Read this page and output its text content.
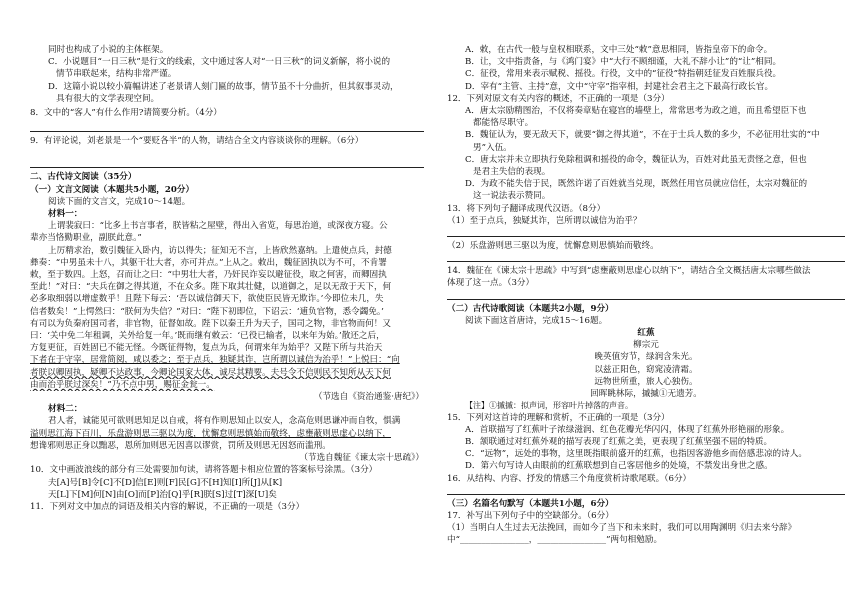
同时也构成了小说的主体框架。

C．小说题目“一日三秋”是行文的线索，文中通过客人对“一日三秋”的词义新解，将小说的

情节串联起来，结构非常严谨。

D．这篇小说以较小篇幅讲述了老景请人刻门匾的故事，情节虽不十分曲折，但其叙事灵动，

具有很大的文学表现空间。

8．文中的“客人”有什么作用?请简要分析。（4分）

9．有评论说，刘老景是一个“要贬各半”的人物，请结合全文内容谈谈你的理解。（6分）

二、古代诗文阅读（35分）

（一）文言文阅读（本题共5小题，20分）

阅读下面的文言文，完成10～14题。

材料一：

上谓裴寂曰：“比多上书言事者，朕皆粘之屋壁，得出入省览，每思治道，或深夜方寝。公

辈亦当恪勤职业，副朕此意。”

上厉精求治，数引魏征入卧内，访以得失；征知无不言，上皆欣然嘉纳。上遣使点兵，封德

彝奏：“中男虽未十八，其躯干壮大者，亦可并点。”上从之。敕出，魏征固执以为不可，不肯署

敕，至于数四。上怒，召而让之曰：“中男壮大者，乃奸民诈妄以避征役，取之何害，而卿固执

至此！”对曰：“夫兵在御之得其道，不在众多。陛下取其壮健，以道御之，足以无敌于天下，何

必多取细弱以增虚数乎！且陛下每云：‘吾以诚信御天下，欲使臣民皆无欺诈。’今即位未几，失

信者数矣！”上愕然曰：“朕何为失信？”对曰：“陛下初即位，下诏云：‘逋负官物，悉令蠲免。’

有司以为负秦府国司者，非官物，征督如故。陛下以秦王升为天子，国司之物，非官物而何！又

曰：‘关中免二年租调，关外给复一年。’既而继有敕云：‘已役已输者，以来年为始。’散还之后，

方复更征，百姓固已不能无怪。今既征得物，复点为兵，何谓来年为始乎？又陛下所与共治天

下者在于守宰，居常简阅，咸以委之；至于点兵，独疑其诈，岂所谓以诚信为治乎！”上悦曰：“向

者朕以卿固执，疑卿不达政事，今卿论国家大体，诚尽其精要。夫号令不信则民不知所从天下何

由而治乎朕过深矣！”乃不点中男，赐征金瓮一。

（节选自《资治通鉴·唐纪》）

材料二：

君人者，诚能见可欲则思知足以自戒，将有作则思知止以安人，念高危则思谦冲而自牧，惧满

溢则思江海下百川，乐盘游则思三驱以为度，忧懈怠则思慎始而敬终，虑壅蔽则思虚心以纳下，

想谗邪则思正身以黜恶，恩所加则思无因喜以谬赏，罚所及则思无因怒而滥刑。

（节选自魏征《谏太宗十思疏》）

10．文中画波浪线的部分有三处需要加句读，请将答题卡相应位置的答案标号涂黑。（3分）

夫[A]号[B]令[C]不[D]信[E]则[F]民[G]不[H]知[I]所[J]从[K]

天[L]下[M]何[N]由[O]而[P]治[Q]乎[R]朕[S]过[T]深[U]矣

11．下列对文中加点的词语及相关内容的解说，不正确的一项是（3分）

A．敕，在古代一般与皇权相联系，文中三处“敕”意思相同，皆指皇帝下的命令。

B．让，文中指责备，与《鸿门宴》中“大行不顾细谨，大礼不辞小让”的“让”相同。

C．征役，常用来表示赋税、摇役。行役，文中的“征役”特指朝廷征发百姓服兵役。

D．宰有“主管、主持”意，文中“守宰”指宰相，封建社会君主之下最高行政长官。

12．下列对原文有关内容的概述，不正确的一项是（3分）

A．唐太宗励精图治，不仅将奏章贴在寝宫的墙壁上，常常思考为政之道，而且希望臣下也

都能恪尽职守。

B．魏征认为，要无敌天下，就要“御之得其道”，不在于士兵人数的多少，不必征用壮实的“中

男”入伍。

C．唐太宗并未立即执行免除租调和摇役的命令，魏征认为，百姓对此虽无责怪之意，但也

是君主失信的表现。

D．为政不能失信于民，既然许诺了百姓就当兑现，既然任用官员就应信任，太宗对魏征的

这一说法表示赞同。

13．将下列句子翻译成现代汉语。（8分）

（1）至于点兵，独疑其诈，岂所谓以诚信为治乎？

（2）乐盘游则思三驱以为度，忧懈怠则思慎始而敬终。

14．魏征在《谏太宗十思疏》中写到“虑壅蔽则思虚心以纳下”，请结合全文概括唐太宗哪些做法

体现了这一点。（3分）

（二）古代诗歌阅读（本题共2小题，9分）

阅读下面这首唐诗，完成15～16题。

红蕉

柳宗元

晚英值穷节，绿润含朱光。

以兹正阳色，窈窕凌清霜。

远物世所重，旅人心独伤。

回晖眺林际，摵摵①无遗芳。

【注】①摵摵：拟声词，形容叶片掉落的声音。

15．下列对这首诗的理解和赏析，不正确的一项是（3分）

A．首联描写了红蕉叶子浓绿滋润、红色花瓣光华闪闪，体现了红蕉外形艳丽的形象。

B．颔联通过对红蕉外观的描写表现了红蕉之美，更表现了红蕉坚强不屈的特质。

C．“远物”，远处的事物，这里既指眼前盛开的红蕉，也指因客游他乡而倍感悲凉的诗人。

D．第六句写诗人由眼前的红蕉联想到自己客居他乡的处境，不禁发出身世之感。

16．从结构、内容、抒发的情感三个角度赏析诗歌尾联。（6分）

（三）名篇名句默写（本题共1小题，6分）

17．补写出下列句子中的空缺部分。（6分）

（1）当明白人生过去无法挽回，而如今了当下和未来时，我们可以用陶渊明《归去来兮辞》

中“________________，________________”两句相勉励。
